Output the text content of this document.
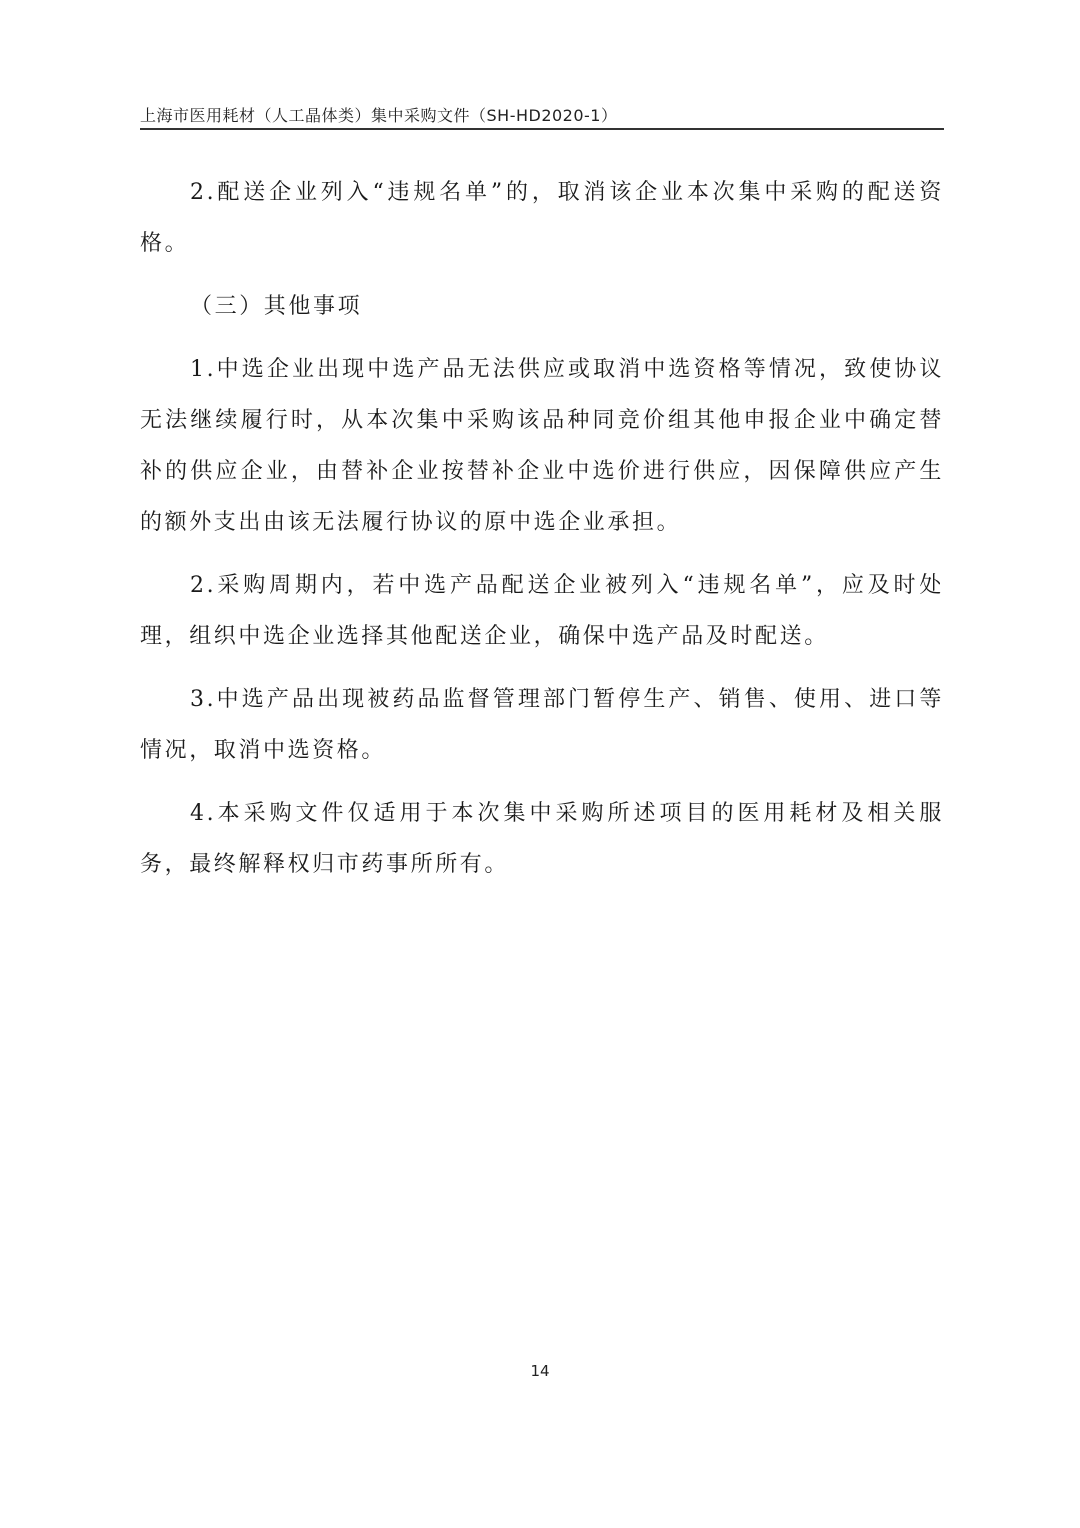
上海市医用耗材（人工晶体类）集中采购文件（SH-HD2020-1）

2.配送企业列入“违规名单”的，取消该企业本次集中采购的配送资格。

（三）其他事项

1.中选企业出现中选产品无法供应或取消中选资格等情况，致使协议无法继续履行时，从本次集中采购该品种同竞价组其他申报企业中确定替补的供应企业，由替补企业按替补企业中选价进行供应，因保障供应产生的额外支出由该无法履行协议的原中选企业承担。

2.采购周期内，若中选产品配送企业被列入“违规名单”，应及时处理，组织中选企业选择其他配送企业，确保中选产品及时配送。

3.中选产品出现被药品监督管理部门暂停生产、销售、使用、进口等情况，取消中选资格。

4.本采购文件仅适用于本次集中采购所述项目的医用耗材及相关服务，最终解释权归市药事所所有。

14
